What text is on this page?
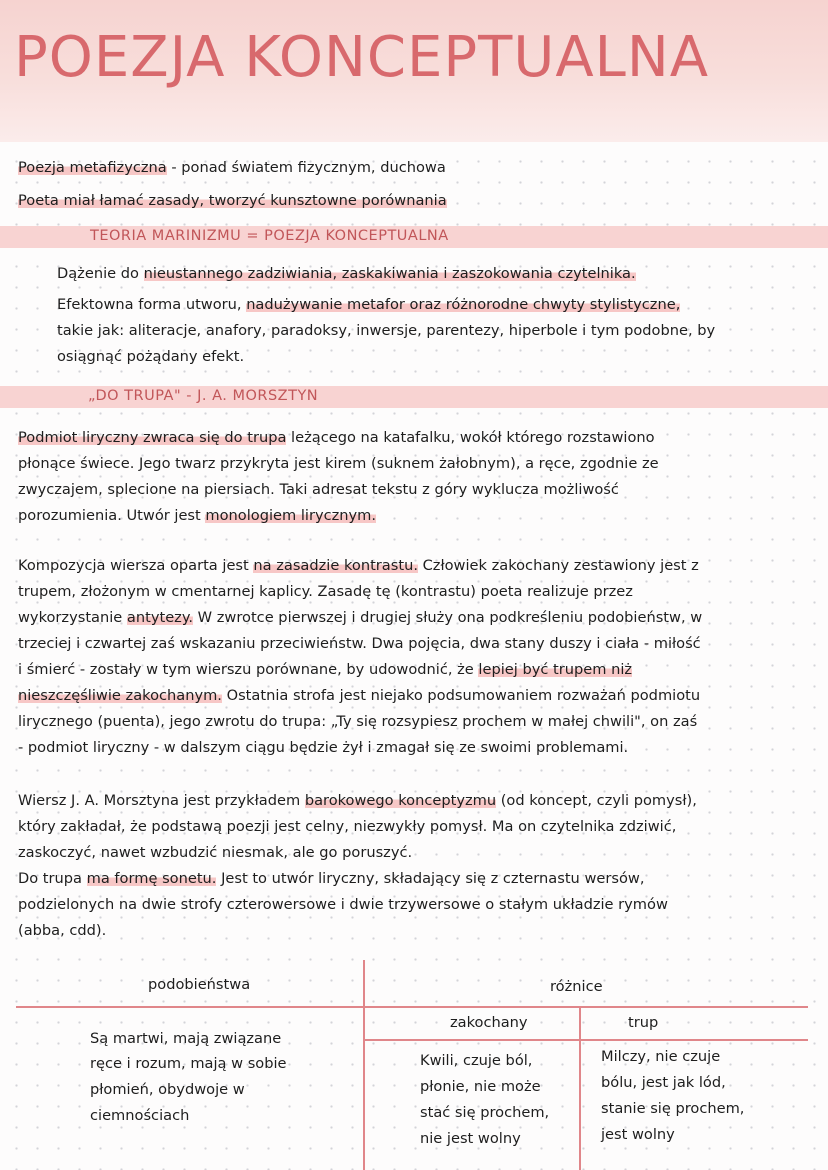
POEZJA KONCEPTUALNA
Poezja metafizyczna - ponad światem fizycznym, duchowa
Poeta miał łamać zasady, tworzyć kunsztowne porównania
TEORIA MARINIZMU = POEZJA KONCEPTUALNA
Dążenie do nieustannego zadziwiania, zaskakiwania i zaszokowania czytelnika.
Efektowna forma utworu, nadużywanie metafor oraz różnorodne chwyty stylistyczne,
takie jak: aliteracje, anafory, paradoksy, inwersje, parentezy, hiperbole i tym podobne, by
osiągnąć pożądany efekt.
„DO TRUPA" - J. A. MORSZTYN
Podmiot liryczny zwraca się do trupa leżącego na katafalku, wokół którego rozstawiono
płonące świece. Jego twarz przykryta jest kirem (suknem żałobnym), a ręce, zgodnie ze
zwyczajem, splecione na piersiach. Taki adresat tekstu z góry wyklucza możliwość
porozumienia. Utwór jest monologiem lirycznym.
Kompozycja wiersza oparta jest na zasadzie kontrastu. Człowiek zakochany zestawiony jest z
trupem, złożonym w cmentarnej kaplicy. Zasadę tę (kontrastu) poeta realizuje przez
wykorzystanie antytezy. W zwrotce pierwszej i drugiej służy ona podkreśleniu podobieństw, w
trzeciej i czwartej zaś wskazaniu przeciwieństw. Dwa pojęcia, dwa stany duszy i ciała - miłość
i śmierć - zostały w tym wierszu porównane, by udowodnić, że lepiej być trupem niż
nieszczęśliwie zakochanym. Ostatnia strofa jest niejako podsumowaniem rozważań podmiotu
lirycznego (puenta), jego zwrotu do trupa: „Ty się rozsypiesz prochem w małej chwili", on zaś
- podmiot liryczny - w dalszym ciągu będzie żył i zmagał się ze swoimi problemami.
Wiersz J. A. Morsztyna jest przykładem barokowego konceptyzmu (od koncept, czyli pomysł),
który zakładał, że podstawą poezji jest celny, niezwykły pomysł. Ma on czytelnika zdziwić,
zaskoczyć, nawet wzbudzić niesmak, ale go poruszyć.
Do trupa ma formę sonetu. Jest to utwór liryczny, składający się z czternastu wersów,
podzielonych na dwie strofy czterowersowe i dwie trzywersowe o stałym układzie rymów
(abba, cdd).
podobieństwa	różnice
zakochany	trup
Są martwi, mają związane
ręce i rozum, mają w sobie
płomień, obydwoje w
ciemnościach
Kwili, czuje ból,
płonie, nie może
stać się prochem,
nie jest wolny
Milczy, nie czuje
bólu, jest jak lód,
stanie się prochem,
jest wolny
